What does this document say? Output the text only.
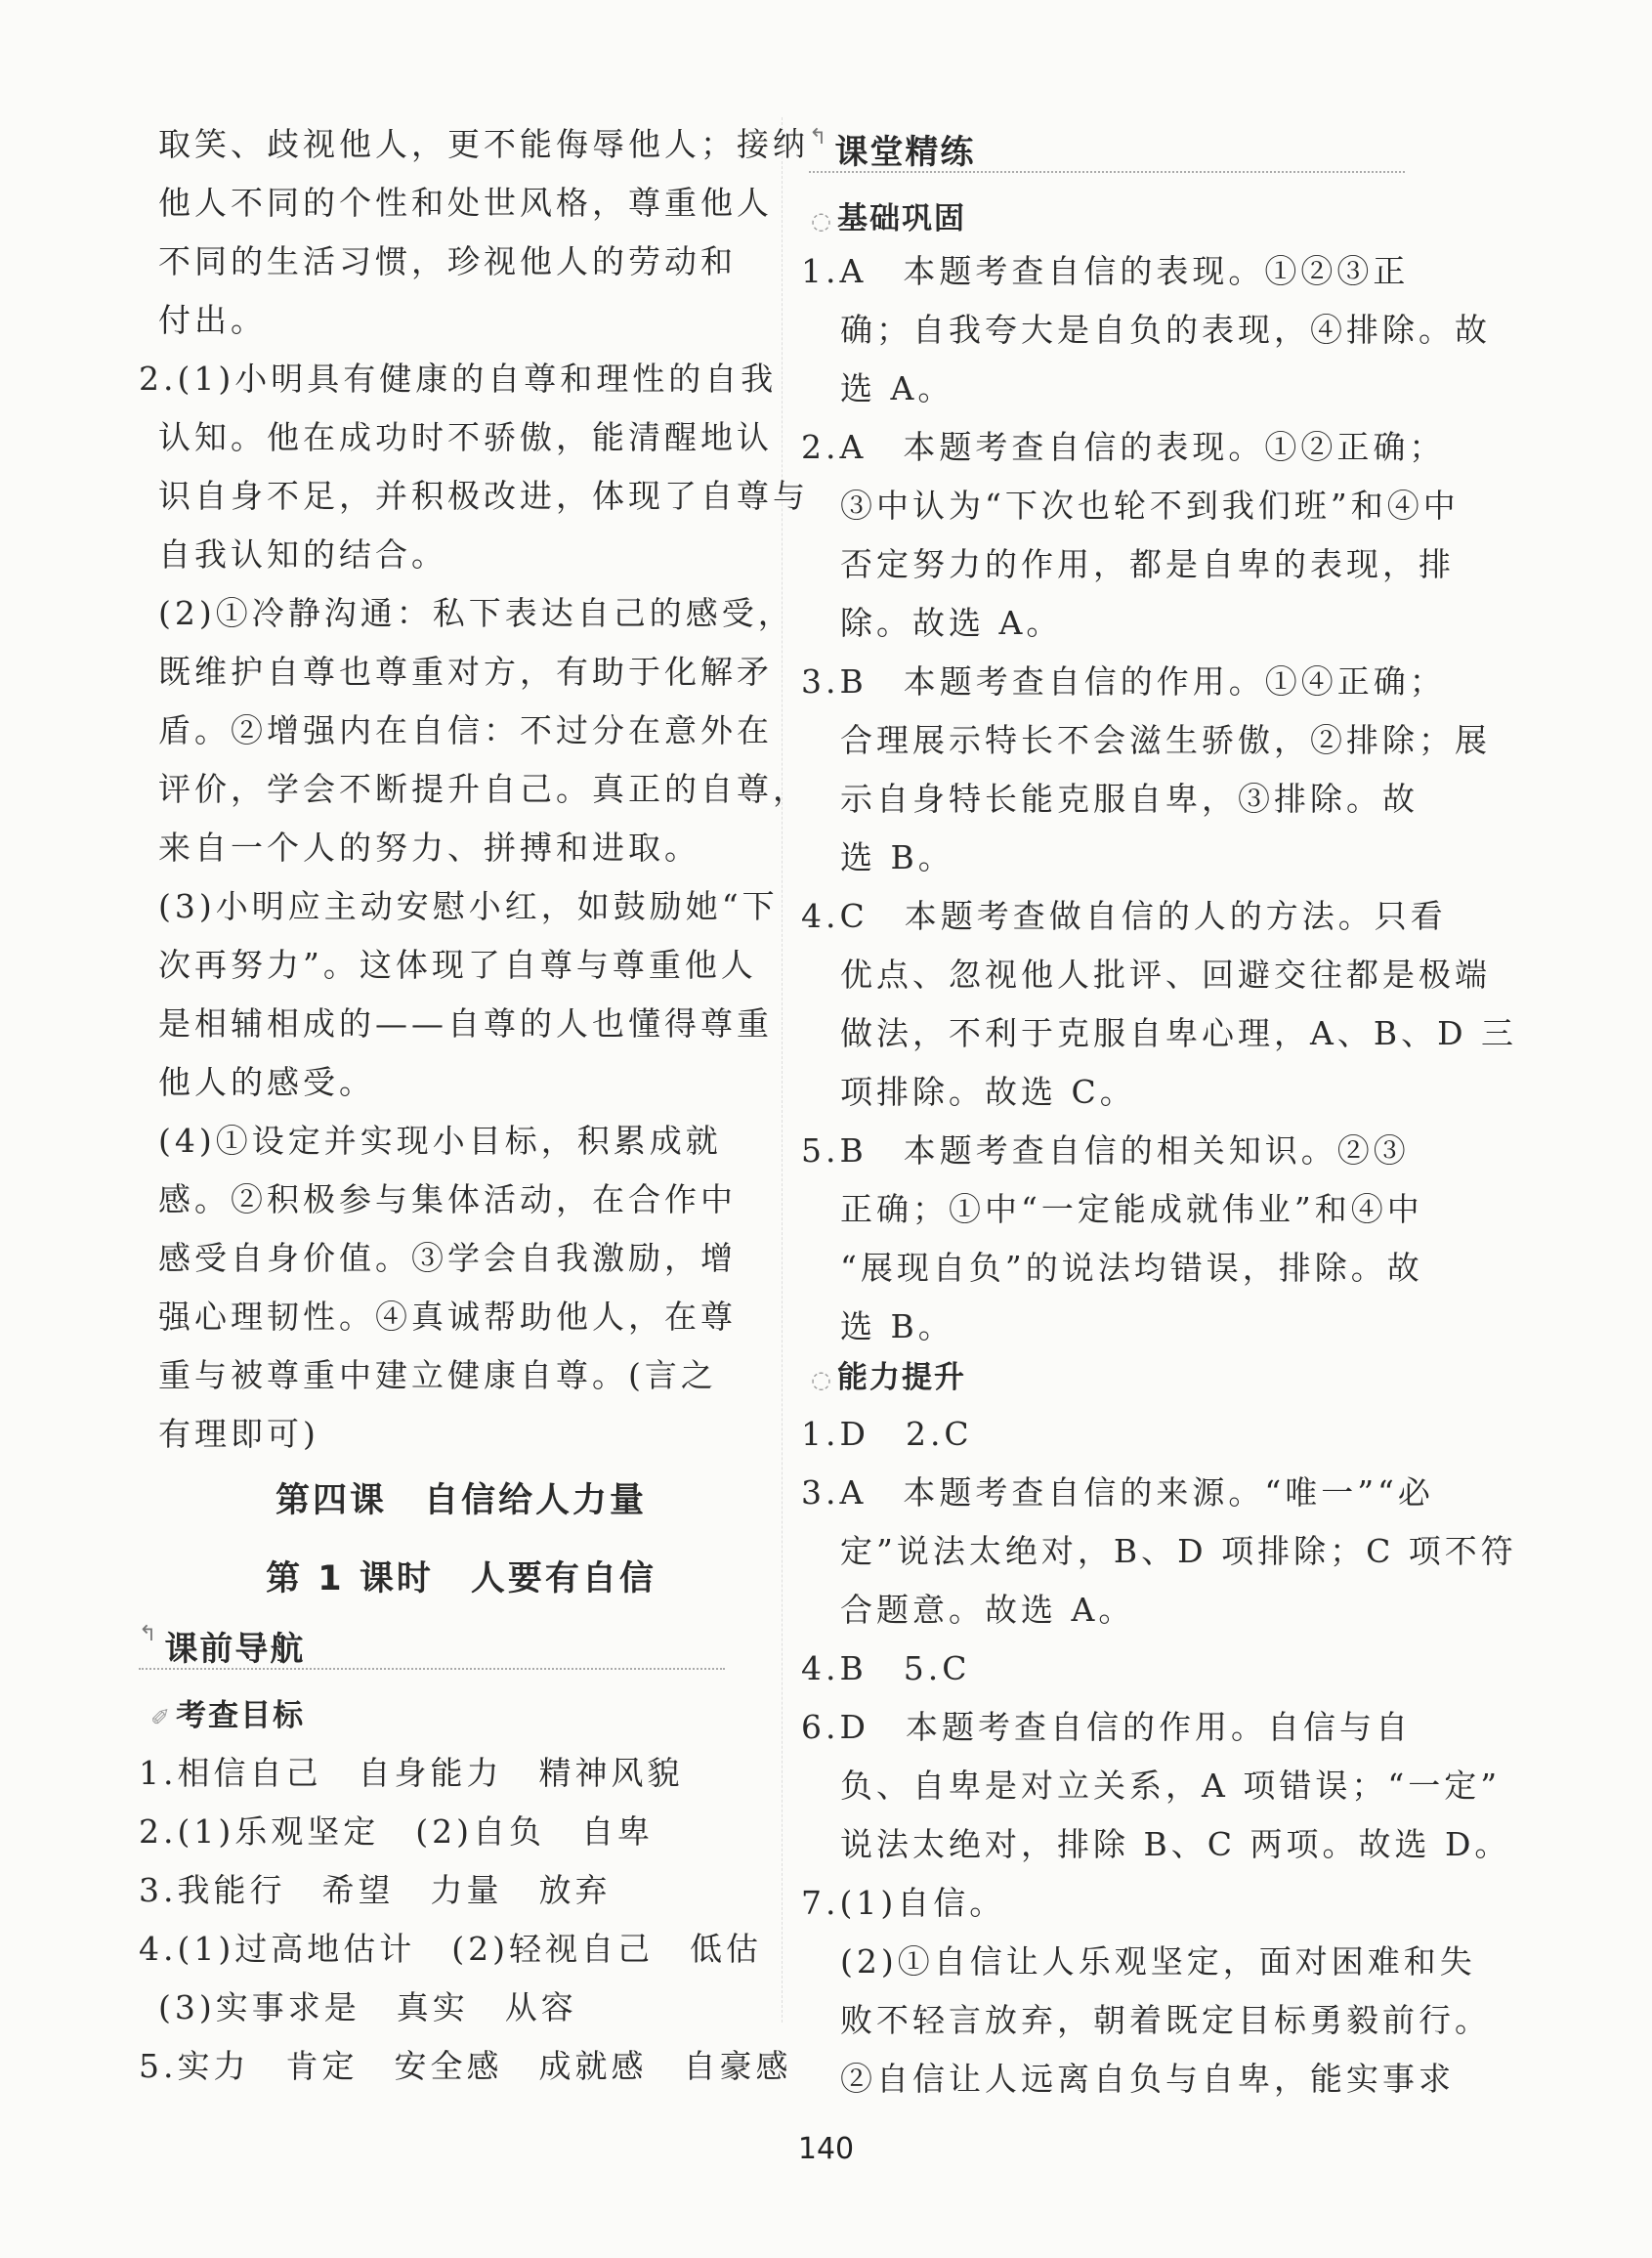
取笑、歧视他人，更不能侮辱他人；接纳
他人不同的个性和处世风格，尊重他人
不同的生活习惯，珍视他人的劳动和
付出。
2.(1)小明具有健康的自尊和理性的自我
认知。他在成功时不骄傲，能清醒地认
识自身不足，并积极改进，体现了自尊与
自我认知的结合。
(2)①冷静沟通：私下表达自己的感受，
既维护自尊也尊重对方，有助于化解矛
盾。②增强内在自信：不过分在意外在
评价，学会不断提升自己。真正的自尊，
来自一个人的努力、拼搏和进取。
(3)小明应主动安慰小红，如鼓励她“下
次再努力”。这体现了自尊与尊重他人
是相辅相成的——自尊的人也懂得尊重
他人的感受。
(4)①设定并实现小目标，积累成就
感。②积极参与集体活动，在合作中
感受自身价值。③学会自我激励，增
强心理韧性。④真诚帮助他人，在尊
重与被尊重中建立健康自尊。(言之
有理即可)
第四课　自信给人力量
第 1 课时　人要有自信
↰ 课前导航
✐ 考查目标
1.相信自己　自身能力　精神风貌
2.(1)乐观坚定　(2)自负　自卑
3.我能行　希望　力量　放弃
4.(1)过高地估计　(2)轻视自己　低估
(3)实事求是　真实　从容
5.实力　肯定　安全感　成就感　自豪感
↰ 课堂精练
◌ 基础巩固
1.A　本题考查自信的表现。①②③正
确；自我夸大是自负的表现，④排除。故
选 A。
2.A　本题考查自信的表现。①②正确；
③中认为“下次也轮不到我们班”和④中
否定努力的作用，都是自卑的表现，排
除。故选 A。
3.B　本题考查自信的作用。①④正确；
合理展示特长不会滋生骄傲，②排除；展
示自身特长能克服自卑，③排除。故
选 B。
4.C　本题考查做自信的人的方法。只看
优点、忽视他人批评、回避交往都是极端
做法，不利于克服自卑心理，A、B、D 三
项排除。故选 C。
5.B　本题考查自信的相关知识。②③
正确；①中“一定能成就伟业”和④中
“展现自负”的说法均错误，排除。故
选 B。
◌ 能力提升
1.D　2.C
3.A　本题考查自信的来源。“唯一”“必
定”说法太绝对，B、D 项排除；C 项不符
合题意。故选 A。
4.B　5.C
6.D　本题考查自信的作用。自信与自
负、自卑是对立关系，A 项错误；“一定”
说法太绝对，排除 B、C 两项。故选 D。
7.(1)自信。
(2)①自信让人乐观坚定，面对困难和失
败不轻言放弃，朝着既定目标勇毅前行。
②自信让人远离自负与自卑，能实事求
140
